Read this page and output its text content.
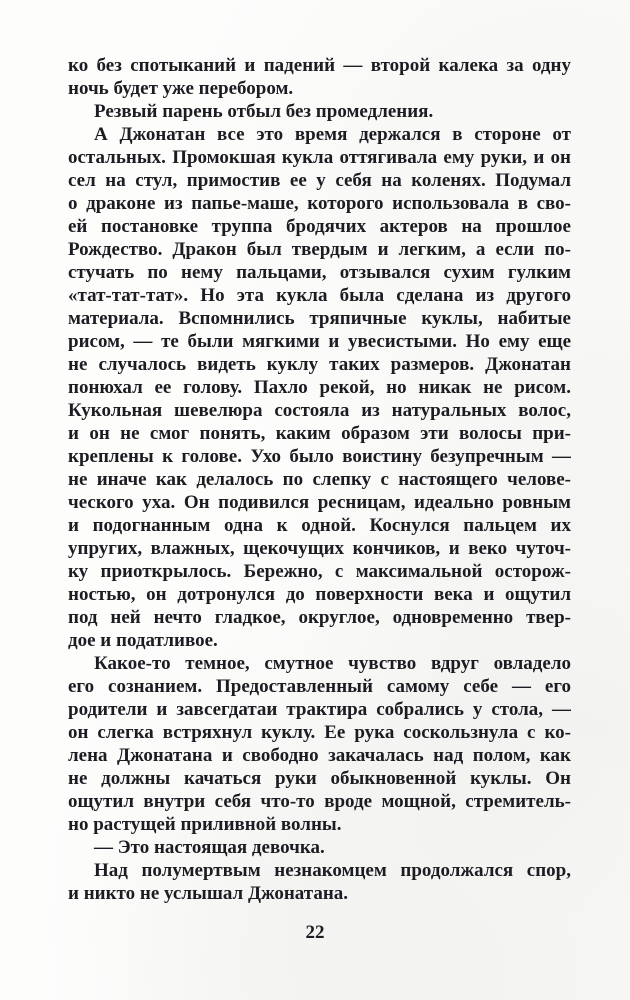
ко без спотыканий и падений — второй калека за одну
ночь будет уже перебором.
Резвый парень отбыл без промедления.
А Джонатан все это время держался в стороне от
остальных. Промокшая кукла оттягивала ему руки, и он
сел на стул, примостив ее у себя на коленях. Подумал
о драконе из папье-маше, которого использовала в сво-
ей постановке труппа бродячих актеров на прошлое
Рождество. Дракон был твердым и легким, а если по-
стучать по нему пальцами, отзывался сухим гулким
«тат-тат-тат». Но эта кукла была сделана из другого
материала. Вспомнились тряпичные куклы, набитые
рисом, — те были мягкими и увесистыми. Но ему еще
не случалось видеть куклу таких размеров. Джонатан
понюхал ее голову. Пахло рекой, но никак не рисом.
Кукольная шевелюра состояла из натуральных волос,
и он не смог понять, каким образом эти волосы при-
креплены к голове. Ухо было воистину безупречным —
не иначе как делалось по слепку с настоящего челове-
ческого уха. Он подивился ресницам, идеально ровным
и подогнанным одна к одной. Коснулся пальцем их
упругих, влажных, щекочущих кончиков, и веко чуточ-
ку приоткрылось. Бережно, с максимальной осторож-
ностью, он дотронулся до поверхности века и ощутил
под ней нечто гладкое, округлое, одновременно твер-
дое и податливое.
Какое-то темное, смутное чувство вдруг овладело
его сознанием. Предоставленный самому себе — его
родители и завсегдатаи трактира собрались у стола, —
он слегка встряхнул куклу. Ее рука соскользнула с ко-
лена Джонатана и свободно закачалась над полом, как
не должны качаться руки обыкновенной куклы. Он
ощутил внутри себя что-то вроде мощной, стремитель-
но растущей приливной волны.
— Это настоящая девочка.
Над полумертвым незнакомцем продолжался спор,
и никто не услышал Джонатана.
22
